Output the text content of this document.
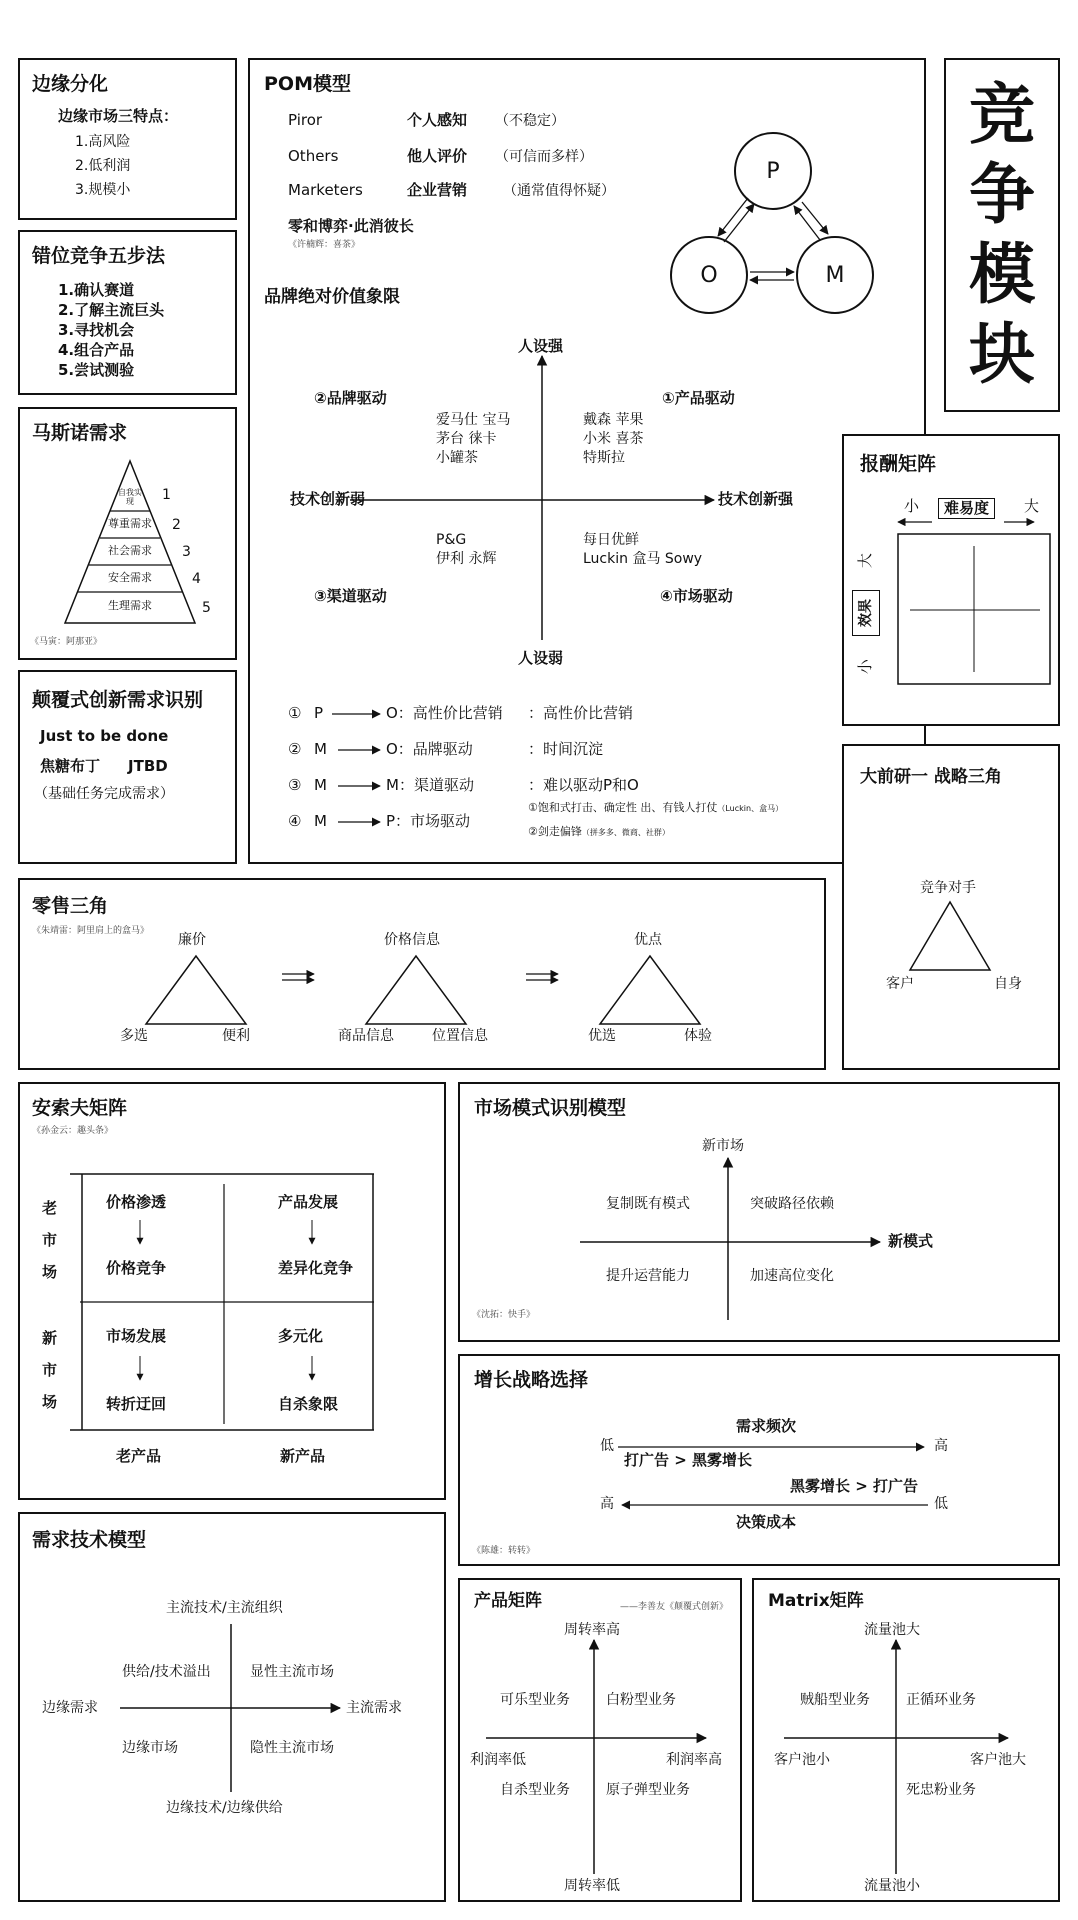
边缘分化
边缘市场三特点：
1.高风险
2.低利润
3.规模小
错位竞争五步法
1.确认赛道
2.了解主流巨头
3.寻找机会
4.组合产品
5.尝试测验
马斯诺需求
自我实现
尊重需求
社会需求
安全需求
生理需求
1
2
3
4
5
《马寅：阿那亚》
颠覆式创新需求识别
Just to be done
焦糖布丁 JTBD
（基础任务完成需求）
POM模型
Piror	个人感知 （不稳定）
Others	他人评价 （可信而多样）
Marketers	企业营销	（通常值得怀疑）
零和博弈·此消彼长
《许楠辉：喜茶》
P
O	M
品牌绝对价值象限
人设强
人设弱
技术创新弱	技术创新强
②品牌驱动
爱马仕 宝马
茅台 徕卡
小罐茶
①产品驱动
戴森 苹果
小米 喜茶
特斯拉
P&G
伊利 永辉
③渠道驱动
每日优鲜
Luckin 盒马 Sowy
④市场驱动
① P	O：高性价比营销 ：高性价比营销
② M	O：品牌驱动	：时间沉淀
③ M	M：渠道驱动	：难以驱动P和O
④ M	P：市场驱动
①饱和式打击、确定性 出、有钱人打仗（Luckin、盒马）
②剑走偏锋（拼多多、微商、社群）
竞
争
模
块
报酬矩阵
小	难易度	大
大
效果
小
大前研一 战略三角
竞争对手
客户	自身
零售三角
《朱靖雷：阿里肩上的盒马》
廉价
多选	便利
价格信息
商品信息	位置信息
优点
优选	体验
安索夫矩阵
《孙金云：趣头条》
老
市
场
新
市
场
价格渗透
价格竞争
产品发展
差异化竞争
市场发展
转折迂回
多元化
自杀象限
老产品	新产品
市场模式识别模型
新市场
新模式
复制既有模式	突破路径依赖
提升运营能力	加速高位变化
《沈拓：快手》
增长战略选择
需求频次
低	高
打广告 > 黑雾增长
黑雾增长 > 打广告
高	低
决策成本
《陈雄：转转》
需求技术模型
主流技术/主流组织
边缘技术/边缘供给
边缘需求	主流需求
供给/技术溢出	显性主流市场
边缘市场	隐性主流市场
产品矩阵	——李善友《颠覆式创新》
周转率高
周转率低
利润率低	利润率高
可乐型业务	白粉型业务
自杀型业务	原子弹型业务
Matrix矩阵
流量池大
流量池小
客户池小	客户池大
贼船型业务	正循环业务
死忠粉业务
